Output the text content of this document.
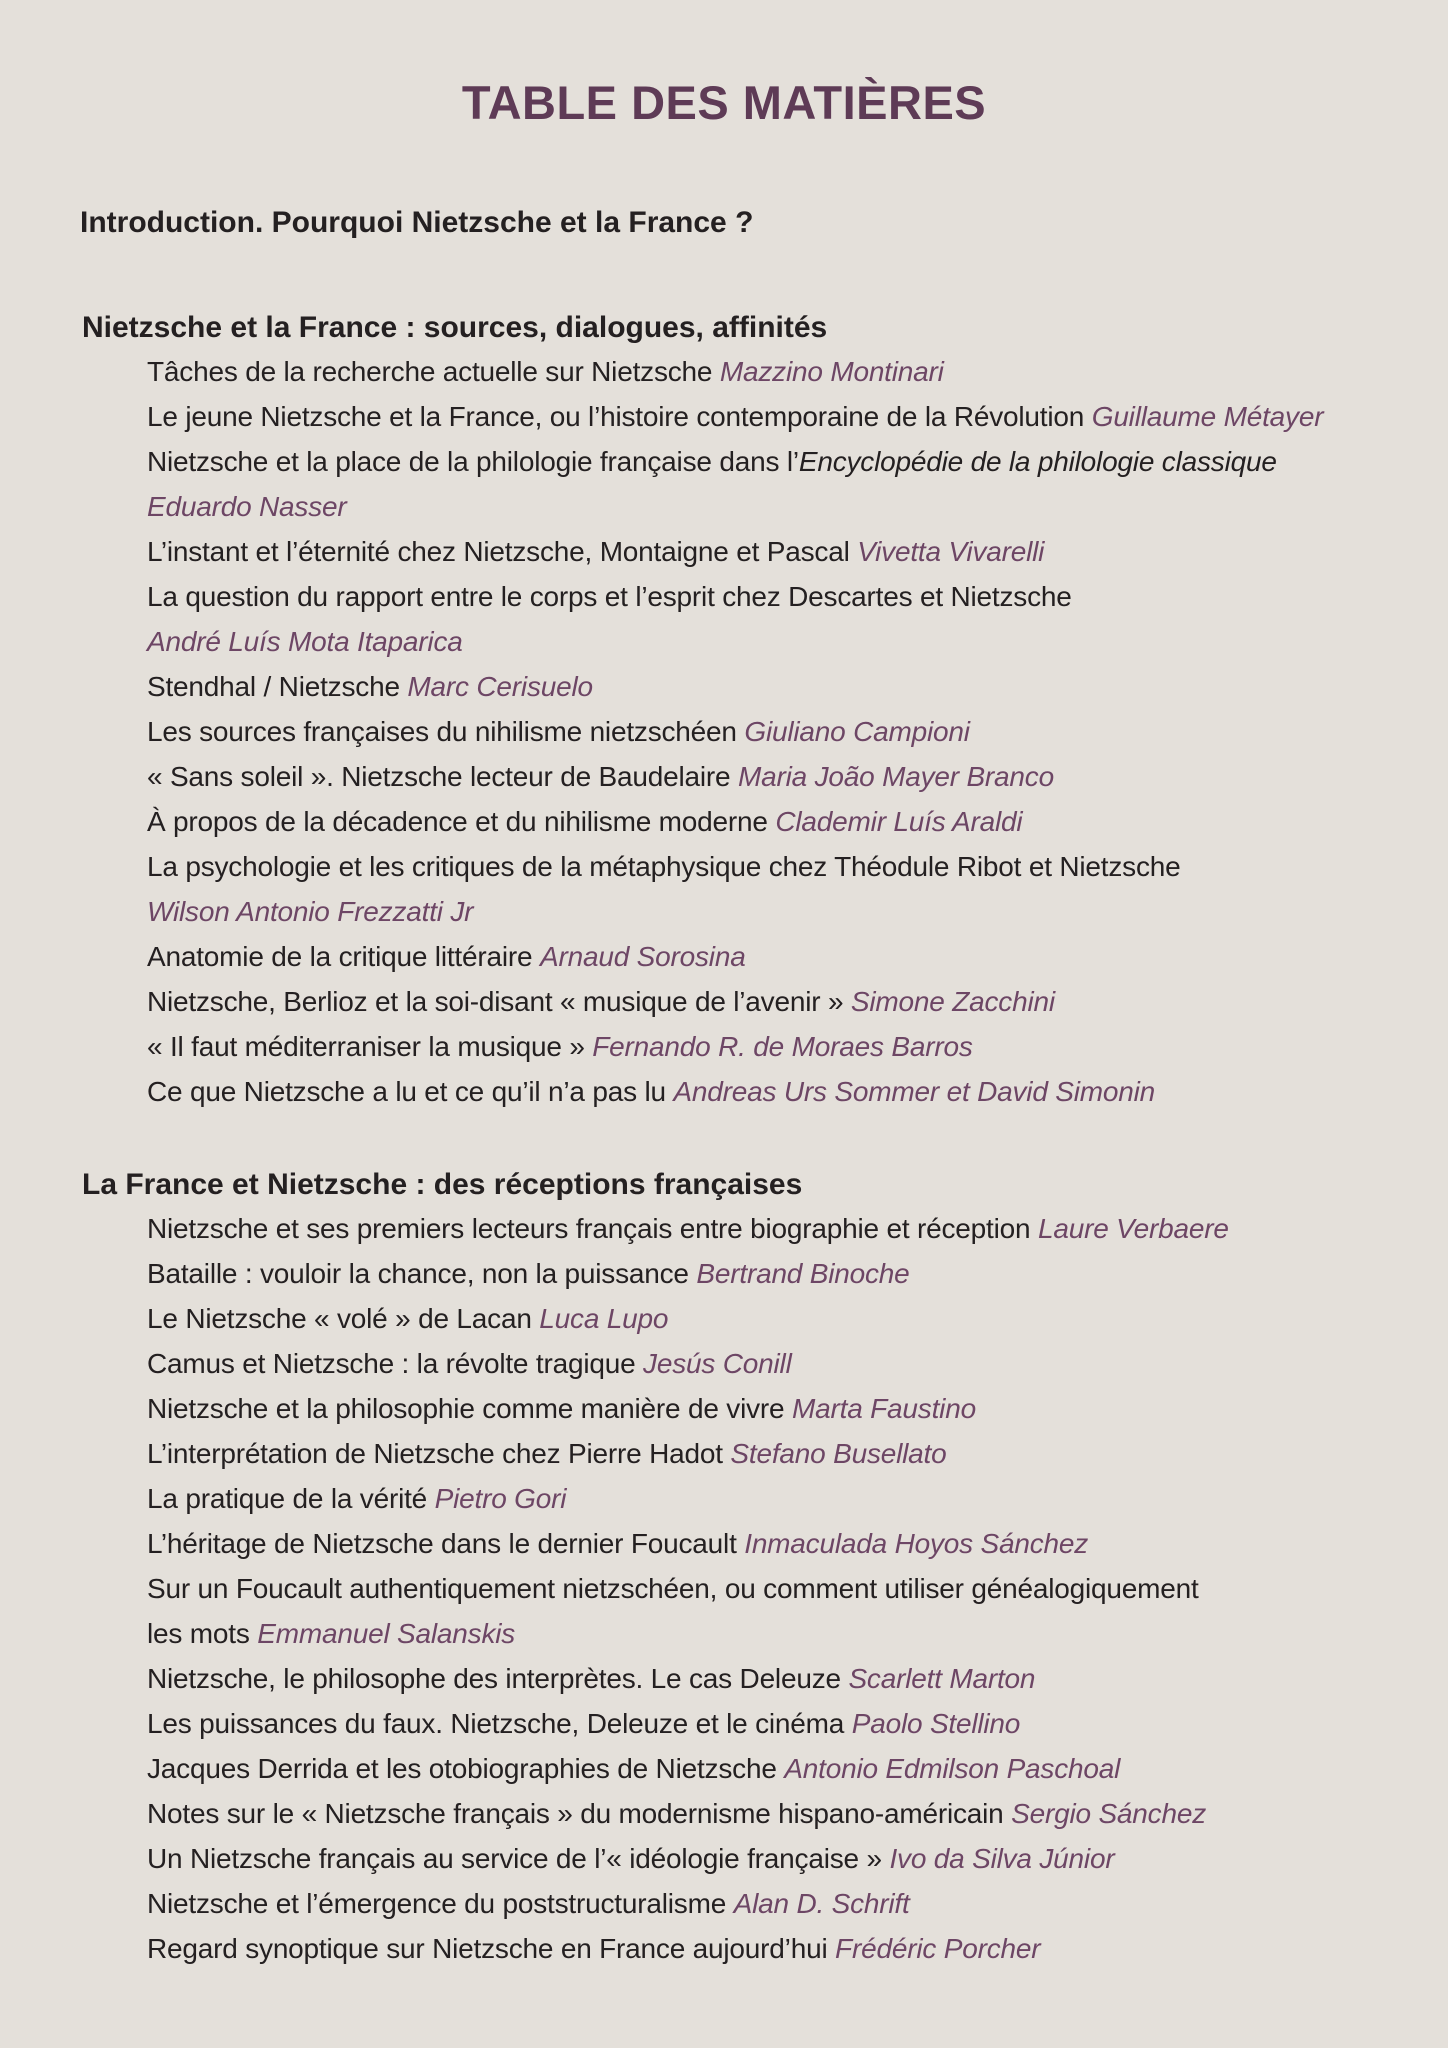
TABLE DES MATIÈRES
Introduction. Pourquoi Nietzsche et la France ?
Nietzsche et la France : sources, dialogues, affinités
Tâches de la recherche actuelle sur Nietzsche Mazzino Montinari
Le jeune Nietzsche et la France, ou l’histoire contemporaine de la Révolution Guillaume Métayer
Nietzsche et la place de la philologie française dans l’Encyclopédie de la philologie classique
Eduardo Nasser
L’instant et l’éternité chez Nietzsche, Montaigne et Pascal Vivetta Vivarelli
La question du rapport entre le corps et l’esprit chez Descartes et Nietzsche
André Luís Mota Itaparica
Stendhal / Nietzsche Marc Cerisuelo
Les sources françaises du nihilisme nietzschéen Giuliano Campioni
« Sans soleil ». Nietzsche lecteur de Baudelaire Maria João Mayer Branco
À propos de la décadence et du nihilisme moderne Clademir Luís Araldi
La psychologie et les critiques de la métaphysique chez Théodule Ribot et Nietzsche
Wilson Antonio Frezzatti Jr
Anatomie de la critique littéraire Arnaud Sorosina
Nietzsche, Berlioz et la soi-disant « musique de l’avenir » Simone Zacchini
« Il faut méditerraniser la musique » Fernando R. de Moraes Barros
Ce que Nietzsche a lu et ce qu’il n’a pas lu Andreas Urs Sommer et David Simonin
La France et Nietzsche : des réceptions françaises
Nietzsche et ses premiers lecteurs français entre biographie et réception Laure Verbaere
Bataille : vouloir la chance, non la puissance Bertrand Binoche
Le Nietzsche « volé » de Lacan Luca Lupo
Camus et Nietzsche : la révolte tragique Jesús Conill
Nietzsche et la philosophie comme manière de vivre Marta Faustino
L’interprétation de Nietzsche chez Pierre Hadot Stefano Busellato
La pratique de la vérité Pietro Gori
L’héritage de Nietzsche dans le dernier Foucault Inmaculada Hoyos Sánchez
Sur un Foucault authentiquement nietzschéen, ou comment utiliser généalogiquement
les mots Emmanuel Salanskis
Nietzsche, le philosophe des interprètes. Le cas Deleuze Scarlett Marton
Les puissances du faux. Nietzsche, Deleuze et le cinéma Paolo Stellino
Jacques Derrida et les otobiographies de Nietzsche Antonio Edmilson Paschoal
Notes sur le « Nietzsche français » du modernisme hispano-américain Sergio Sánchez
Un Nietzsche français au service de l’« idéologie française » Ivo da Silva Júnior
Nietzsche et l’émergence du poststructuralisme Alan D. Schrift
Regard synoptique sur Nietzsche en France aujourd’hui Frédéric Porcher
